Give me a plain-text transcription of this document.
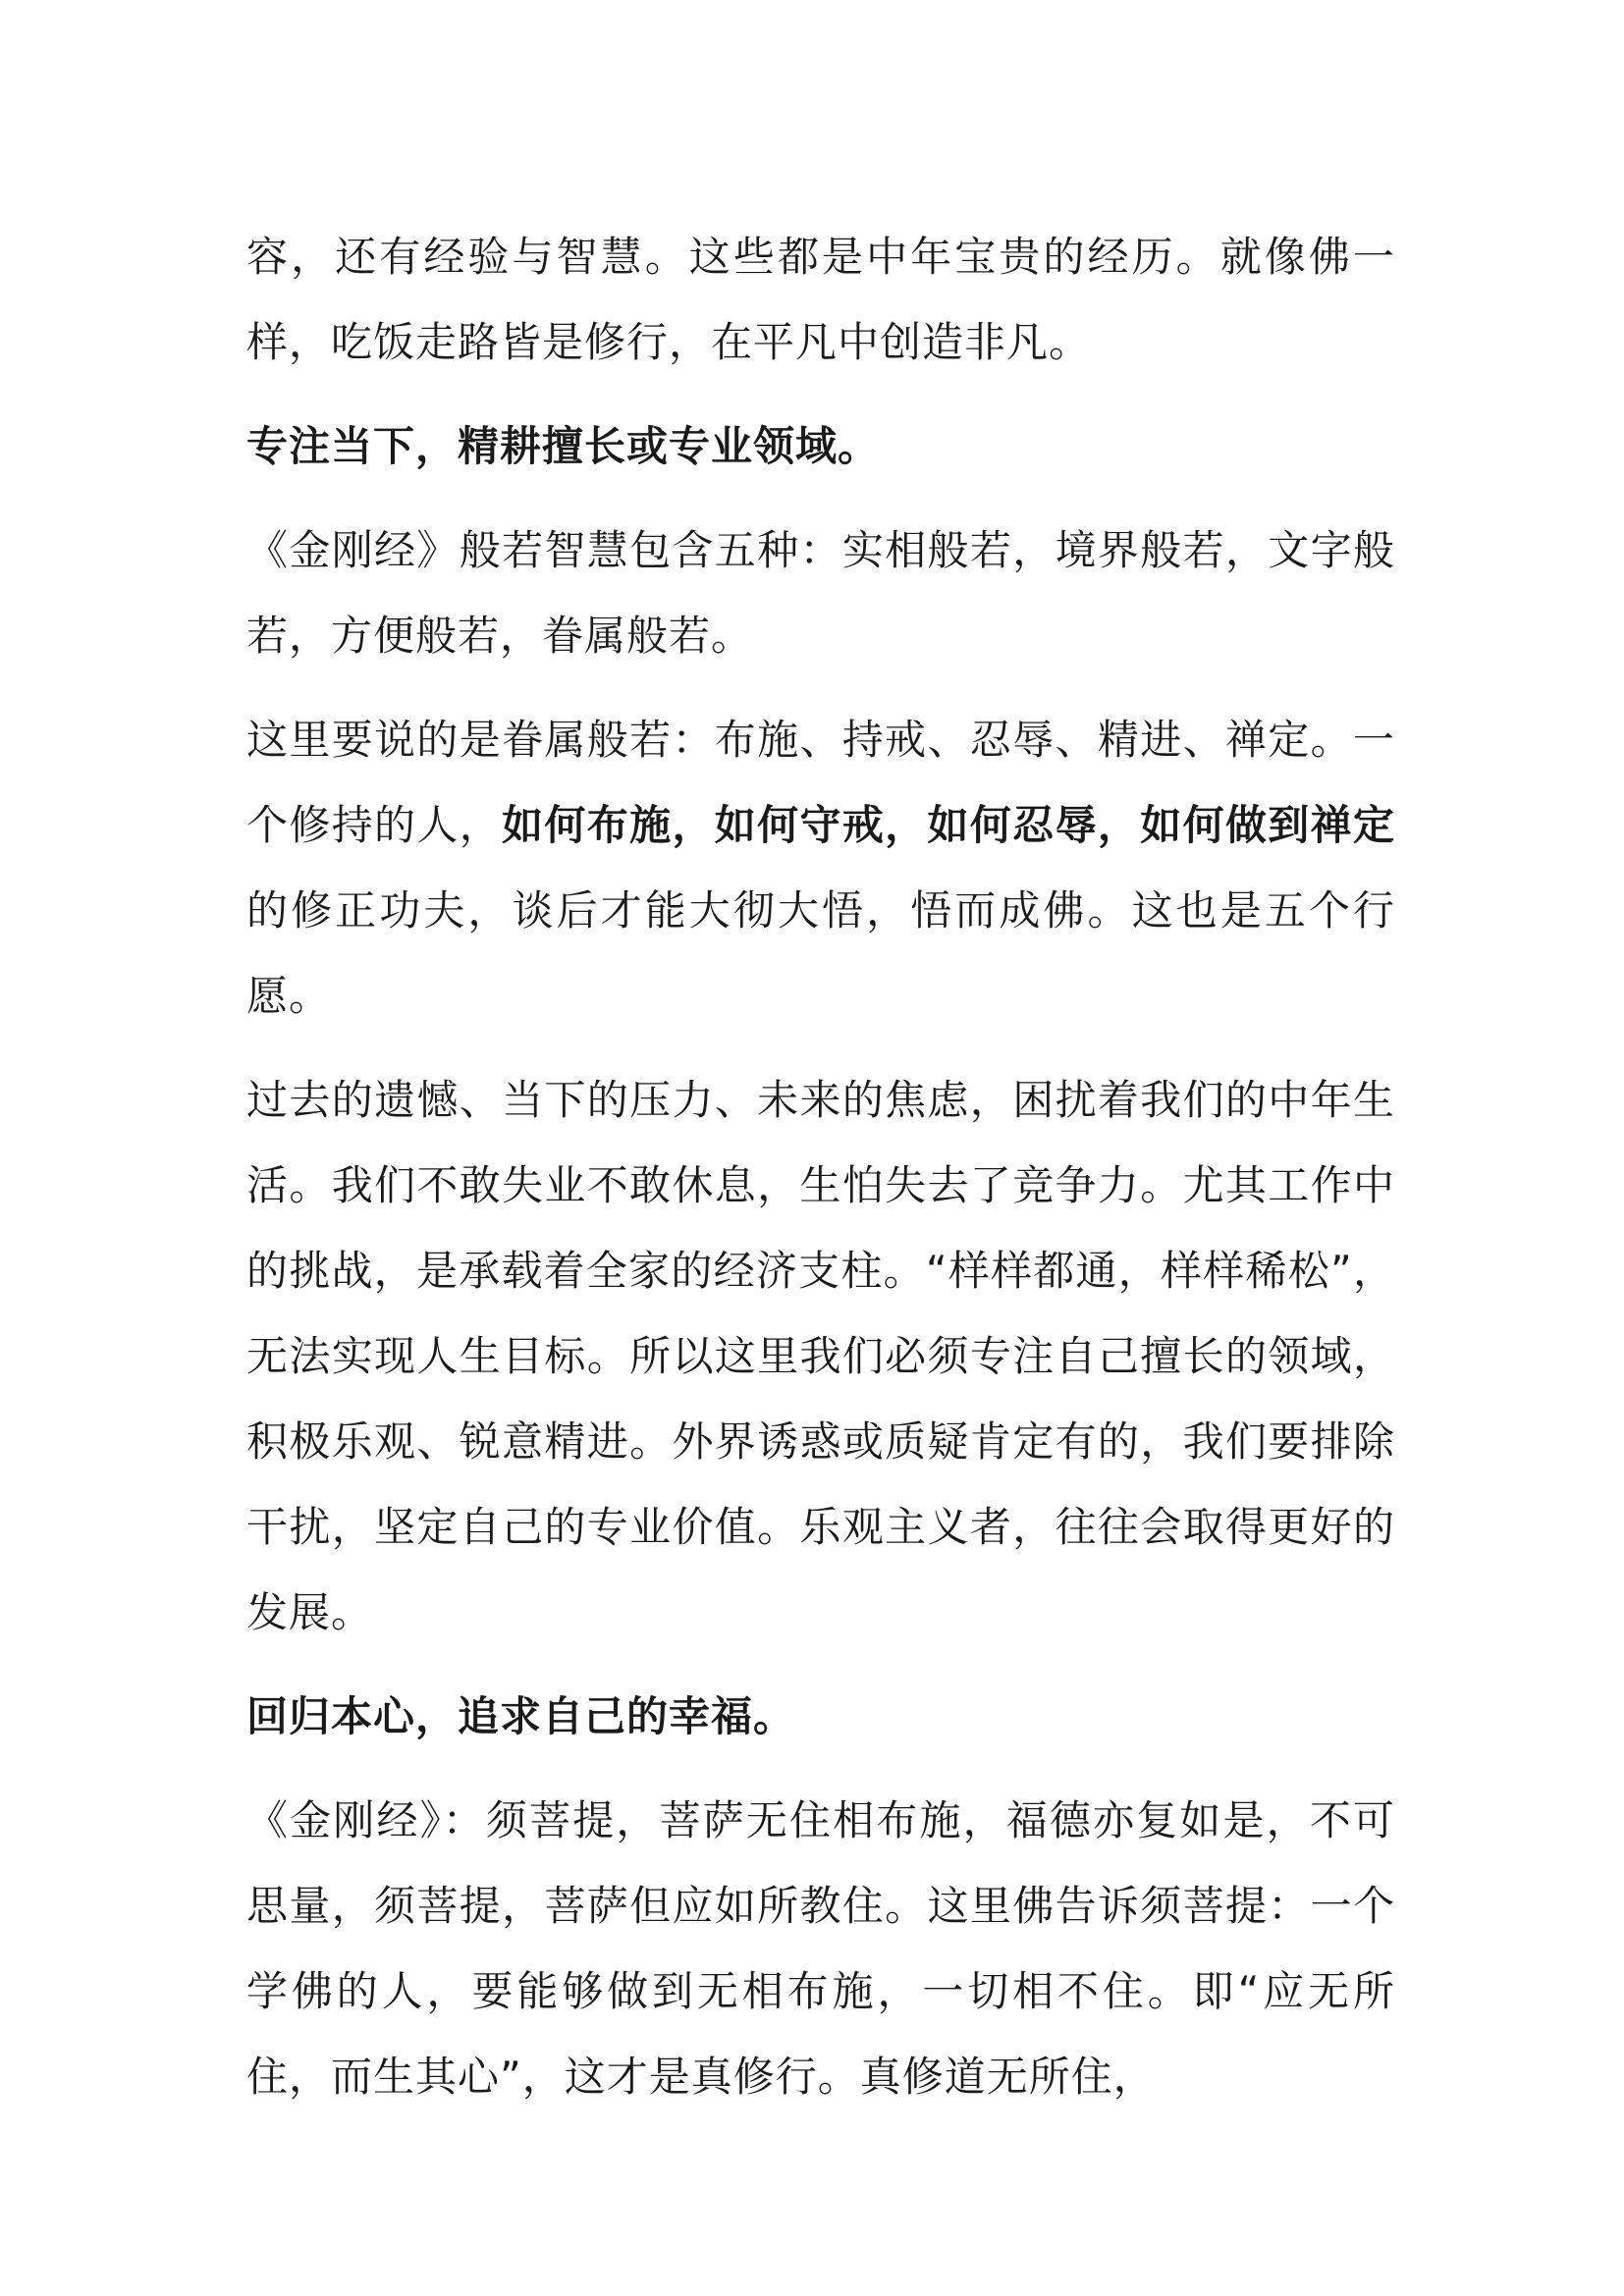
容，还有经验与智慧。这些都是中年宝贵的经历。就像佛一样，吃饭走路皆是修行，在平凡中创造非凡。

专注当下，精耕擅长或专业领域。

《金刚经》般若智慧包含五种：实相般若，境界般若，文字般若，方便般若，眷属般若。

这里要说的是眷属般若：布施、持戒、忍辱、精进、禅定。一个修持的人，如何布施，如何守戒，如何忍辱，如何做到禅定的修正功夫，谈后才能大彻大悟，悟而成佛。这也是五个行愿。

过去的遗憾、当下的压力、未来的焦虑，困扰着我们的中年生活。我们不敢失业不敢休息，生怕失去了竞争力。尤其工作中的挑战，是承载着全家的经济支柱。“样样都通，样样稀松”，无法实现人生目标。所以这里我们必须专注自己擅长的领域，积极乐观、锐意精进。外界诱惑或质疑肯定有的，我们要排除干扰，坚定自己的专业价值。乐观主义者，往往会取得更好的发展。

回归本心，追求自己的幸福。

《金刚经》：须菩提，菩萨无住相布施，福德亦复如是，不可思量，须菩提，菩萨但应如所教住。这里佛告诉须菩提：一个学佛的人，要能够做到无相布施，一切相不住。即“应无所住，而生其心”，这才是真修行。真修道无所住，
